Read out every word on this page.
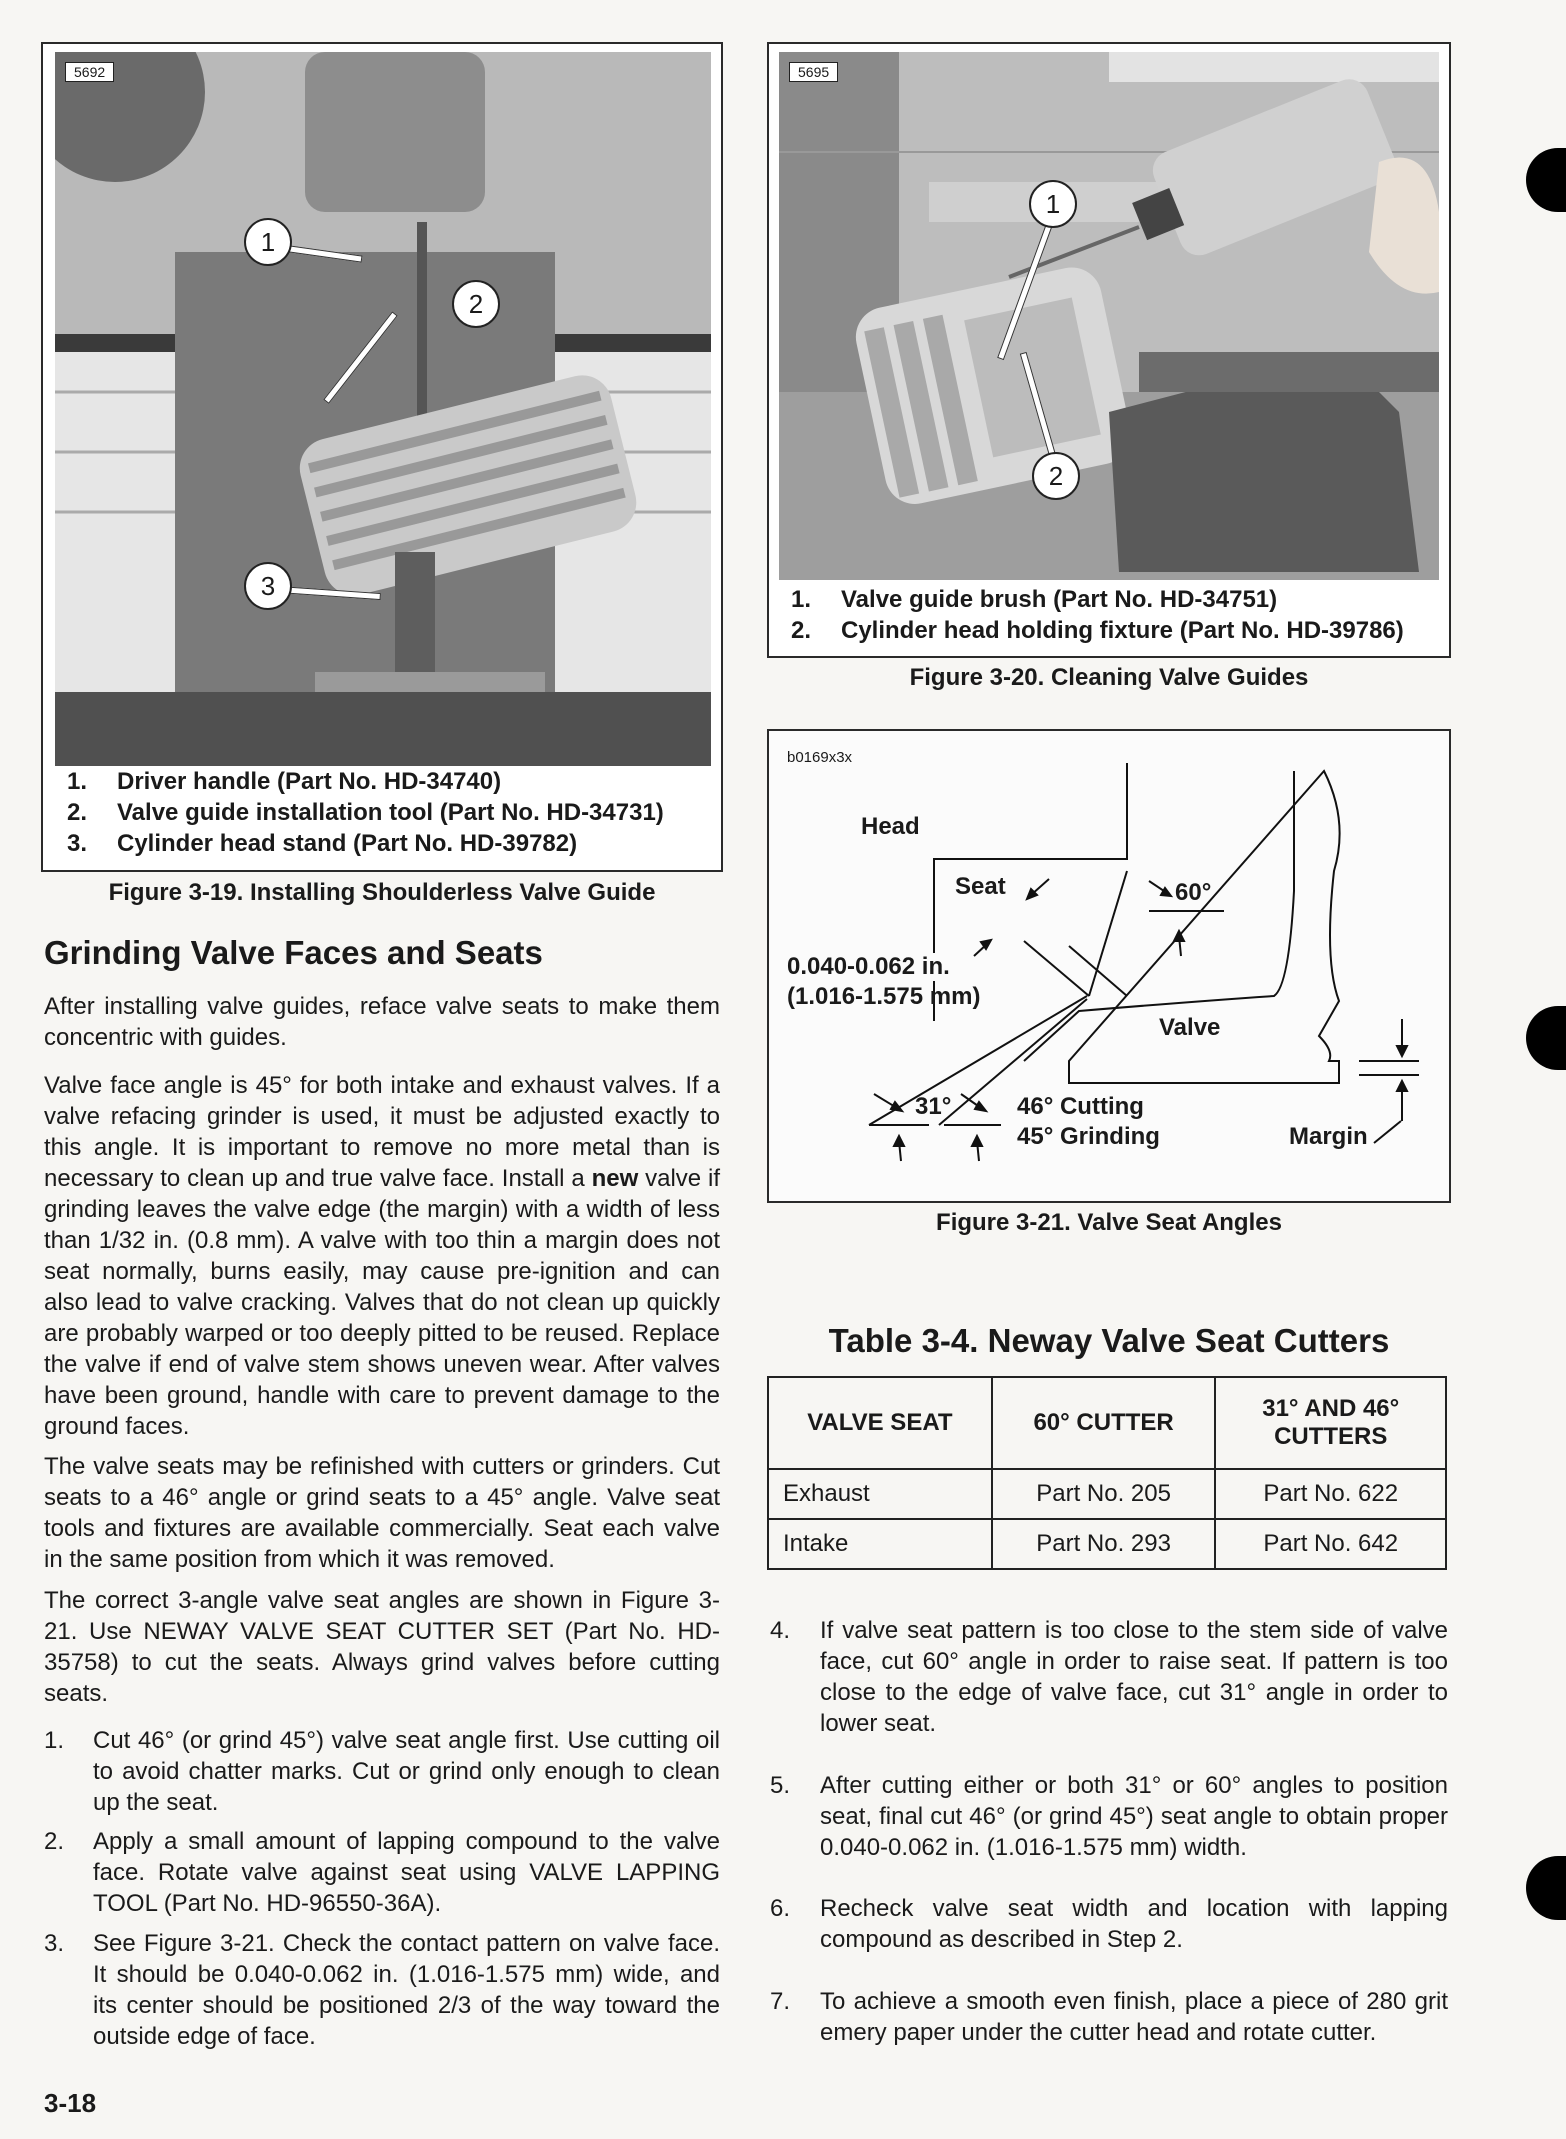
5692
1
2
3
1. Driver handle (Part No. HD-34740)
2. Valve guide installation tool (Part No. HD-34731)
3. Cylinder head stand (Part No. HD-39782)
Figure 3-19. Installing Shoulderless Valve Guide
5695
1
2
1. Valve guide brush (Part No. HD-34751)
2. Cylinder head holding fixture (Part No. HD-39786)
Figure 3-20. Cleaning Valve Guides
b0169x3x
Head
Seat	60°
0.040-0.062 in.
(1.016-1.575 mm)
Valve
31°	46° Cutting
45° Grinding	Margin
Figure 3-21. Valve Seat Angles
Grinding Valve Faces and Seats
After installing valve guides, reface valve seats to make them concentric with guides.
Valve face angle is 45° for both intake and exhaust valves. If a valve refacing grinder is used, it must be adjusted exactly to this angle. It is important to remove no more metal than is necessary to clean up and true valve face. Install a new valve if grinding leaves the valve edge (the margin) with a width of less than 1/32 in. (0.8 mm). A valve with too thin a margin does not seat normally, burns easily, may cause pre-ignition and can also lead to valve cracking. Valves that do not clean up quickly are probably warped or too deeply pitted to be reused. Replace the valve if end of valve stem shows uneven wear. After valves have been ground, handle with care to prevent damage to the ground faces.
The valve seats may be refinished with cutters or grinders. Cut seats to a 46° angle or grind seats to a 45° angle. Valve seat tools and fixtures are available commercially. Seat each valve in the same position from which it was removed.
The correct 3-angle valve seat angles are shown in Figure 3-21. Use NEWAY VALVE SEAT CUTTER SET (Part No. HD-35758) to cut the seats. Always grind valves before cutting seats.
1. Cut 46° (or grind 45°) valve seat angle first. Use cutting oil to avoid chatter marks. Cut or grind only enough to clean up the seat.
2. Apply a small amount of lapping compound to the valve face. Rotate valve against seat using VALVE LAPPING TOOL (Part No. HD-96550-36A).
3. See Figure 3-21. Check the contact pattern on valve face. It should be 0.040-0.062 in. (1.016-1.575 mm) wide, and its center should be positioned 2/3 of the way toward the outside edge of face.
Table 3-4. Neway Valve Seat Cutters
VALVE SEAT	60° CUTTER	31° AND 46° CUTTERS
Exhaust	Part No. 205	Part No. 622
Intake	Part No. 293	Part No. 642
4. If valve seat pattern is too close to the stem side of valve face, cut 60° angle in order to raise seat. If pattern is too close to the edge of valve face, cut 31° angle in order to lower seat.
5. After cutting either or both 31° or 60° angles to position seat, final cut 46° (or grind 45°) seat angle to obtain proper 0.040-0.062 in. (1.016-1.575 mm) width.
6. Recheck valve seat width and location with lapping compound as described in Step 2.
7. To achieve a smooth even finish, place a piece of 280 grit emery paper under the cutter head and rotate cutter.
3-18
